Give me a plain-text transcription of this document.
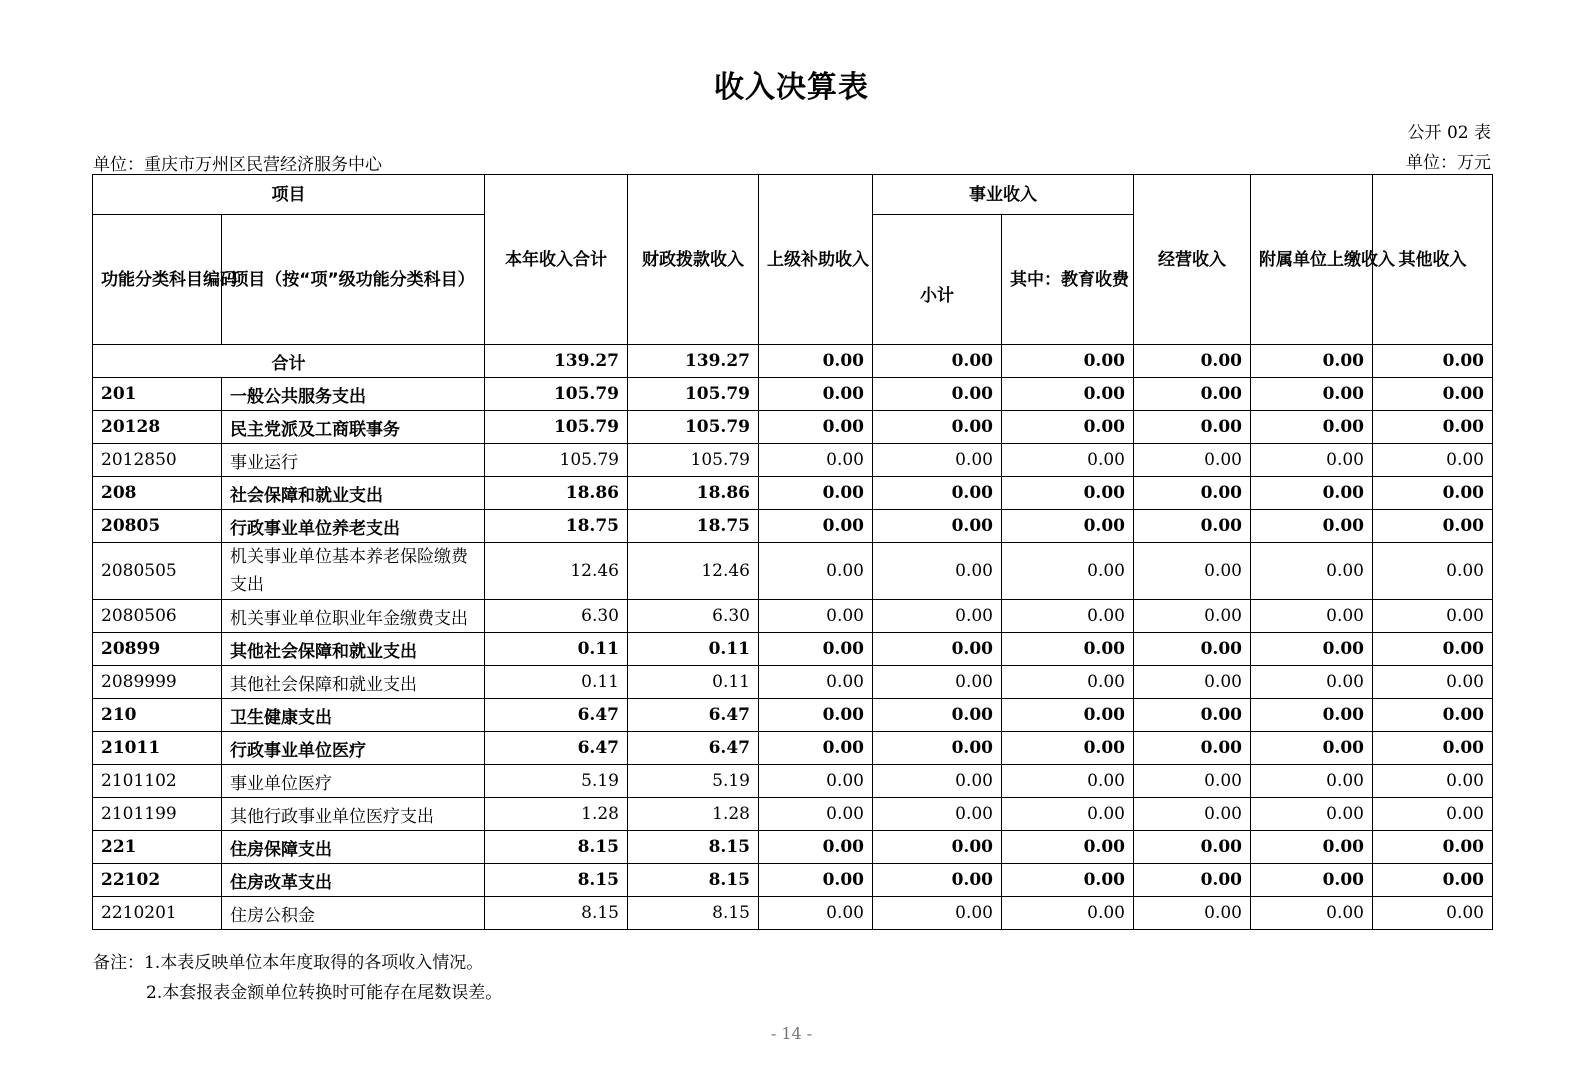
收入决算表
公开 02 表
单位：重庆市万州区民营经济服务中心	单位：万元
项目		本年收入合计	财政拨款收入	上级补助收入	事业收入		经营收入	附属单位上缴收入	其他收入
功能分类科目编码	项目（按“项”级功能分类科目）				小计	其中：教育收费			
合计		139.27	139.27	0.00	0.00	0.00	0.00	0.00	0.00
201	一般公共服务支出	105.79	105.79	0.00	0.00	0.00	0.00	0.00	0.00
20128	民主党派及工商联事务	105.79	105.79	0.00	0.00	0.00	0.00	0.00	0.00
2012850	事业运行	105.79	105.79	0.00	0.00	0.00	0.00	0.00	0.00
208	社会保障和就业支出	18.86	18.86	0.00	0.00	0.00	0.00	0.00	0.00
20805	行政事业单位养老支出	18.75	18.75	0.00	0.00	0.00	0.00	0.00	0.00
2080505	机关事业单位基本养老保险缴费支出	12.46	12.46	0.00	0.00	0.00	0.00	0.00	0.00
2080506	机关事业单位职业年金缴费支出	6.30	6.30	0.00	0.00	0.00	0.00	0.00	0.00
20899	其他社会保障和就业支出	0.11	0.11	0.00	0.00	0.00	0.00	0.00	0.00
2089999	其他社会保障和就业支出	0.11	0.11	0.00	0.00	0.00	0.00	0.00	0.00
210	卫生健康支出	6.47	6.47	0.00	0.00	0.00	0.00	0.00	0.00
21011	行政事业单位医疗	6.47	6.47	0.00	0.00	0.00	0.00	0.00	0.00
2101102	事业单位医疗	5.19	5.19	0.00	0.00	0.00	0.00	0.00	0.00
2101199	其他行政事业单位医疗支出	1.28	1.28	0.00	0.00	0.00	0.00	0.00	0.00
221	住房保障支出	8.15	8.15	0.00	0.00	0.00	0.00	0.00	0.00
22102	住房改革支出	8.15	8.15	0.00	0.00	0.00	0.00	0.00	0.00
2210201	住房公积金	8.15	8.15	0.00	0.00	0.00	0.00	0.00	0.00
备注：1.本表反映单位本年度取得的各项收入情况。
2.本套报表金额单位转换时可能存在尾数误差。
- 14 -
